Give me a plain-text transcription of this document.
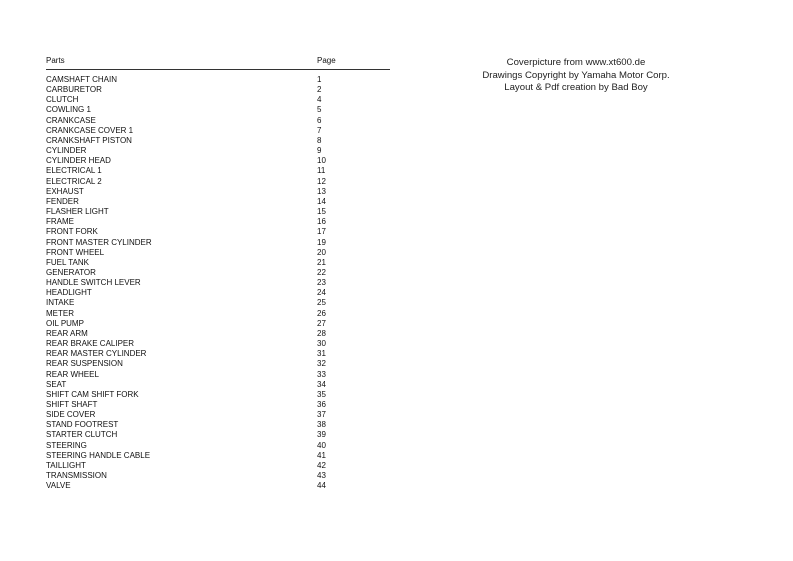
Parts	Page
CAMSHAFT CHAIN	1
CARBURETOR	2
CLUTCH	4
COWLING 1	5
CRANKCASE	6
CRANKCASE COVER 1	7
CRANKSHAFT PISTON	8
CYLINDER	9
CYLINDER HEAD	10
ELECTRICAL 1	11
ELECTRICAL 2	12
EXHAUST	13
FENDER	14
FLASHER LIGHT	15
FRAME	16
FRONT FORK	17
FRONT MASTER CYLINDER	19
FRONT WHEEL	20
FUEL TANK	21
GENERATOR	22
HANDLE SWITCH LEVER	23
HEADLIGHT	24
INTAKE	25
METER	26
OIL PUMP	27
REAR ARM	28
REAR BRAKE CALIPER	30
REAR MASTER CYLINDER	31
REAR SUSPENSION	32
REAR WHEEL	33
SEAT	34
SHIFT CAM SHIFT FORK	35
SHIFT SHAFT	36
SIDE COVER	37
STAND FOOTREST	38
STARTER CLUTCH	39
STEERING	40
STEERING HANDLE CABLE	41
TAILLIGHT	42
TRANSMISSION	43
VALVE	44
Coverpicture from www.xt600.de
Drawings Copyright by Yamaha Motor Corp.
Layout & Pdf creation by Bad Boy
